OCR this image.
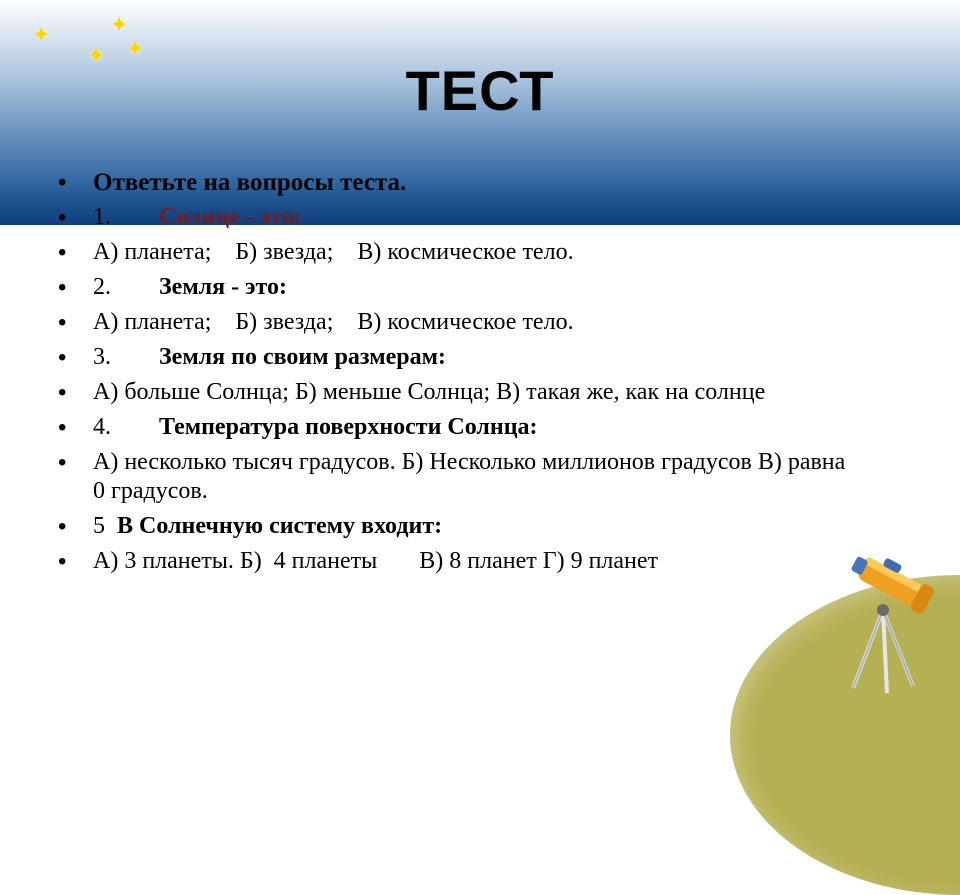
✦	✦
✦ ✦
ТЕСТ
• Ответьте на вопросы теста.
• 1. Солнце - это:
• А) планета;    Б) звезда;    В) космическое тело.
• 2. Земля - это:
• А) планета;    Б) звезда;    В) космическое тело.
• 3. Земля по своим размерам:
• А) больше Солнца; Б) меньше Солнца; В) такая же, как на солнце
• 4. Температура поверхности Солнца:
• А) несколько тысяч градусов. Б) Несколько миллионов градусов В) равна 0 градусов.
• 5 В Солнечную систему входит:
• А) 3 планеты. Б)  4 планеты       В) 8 планет Г) 9 планет
